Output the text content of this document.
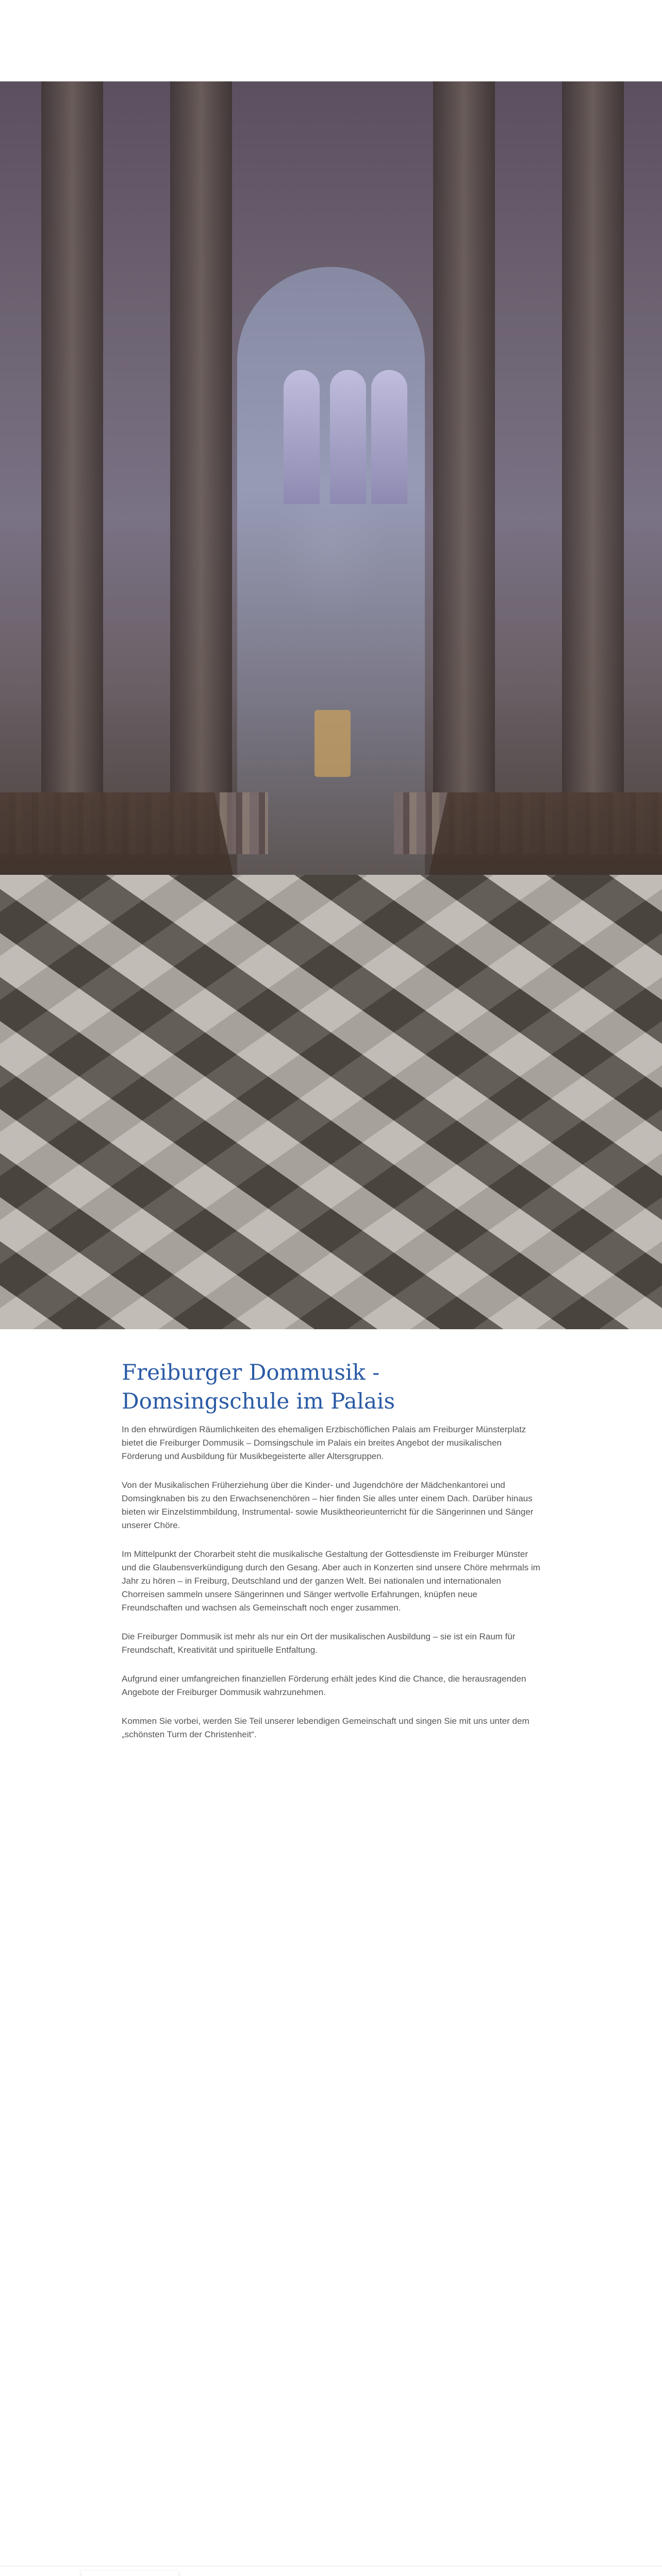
Freiburger Dommusik - Domsingschule im Palais

In den ehrwürdigen Räumlichkeiten des ehemaligen Erzbischöflichen Palais am Freiburger Münsterplatz bietet die Freiburger Dommusik – Domsingschule im Palais ein breites Angebot der musikalischen Förderung und Ausbildung für Musikbegeisterte aller Altersgruppen.

Von der Musikalischen Früherziehung über die Kinder- und Jugendchöre der Mädchenkantorei und Domsingknaben bis zu den Erwachsenenchören – hier finden Sie alles unter einem Dach. Darüber hinaus bieten wir Einzelstimmbildung, Instrumental- sowie Musiktheorieunterricht für die Sängerinnen und Sänger unserer Chöre.

Im Mittelpunkt der Chorarbeit steht die musikalische Gestaltung der Gottesdienste im Freiburger Münster und die Glaubensverkündigung durch den Gesang. Aber auch in Konzerten sind unsere Chöre mehrmals im Jahr zu hören – in Freiburg, Deutschland und der ganzen Welt. Bei nationalen und internationalen Chorreisen sammeln unsere Sängerinnen und Sänger wertvolle Erfahrungen, knüpfen neue Freundschaften und wachsen als Gemeinschaft noch enger zusammen.

Die Freiburger Dommusik ist mehr als nur ein Ort der musikalischen Ausbildung – sie ist ein Raum für Freundschaft, Kreativität und spirituelle Entfaltung.

Aufgrund einer umfangreichen finanziellen Förderung erhält jedes Kind die Chance, die herausragenden Angebote der Freiburger Dommusik wahrzunehmen.

Kommen Sie vorbei, werden Sie Teil unserer lebendigen Gemeinschaft und singen Sie mit uns unter dem „schönsten Turm der Christenheit“.
